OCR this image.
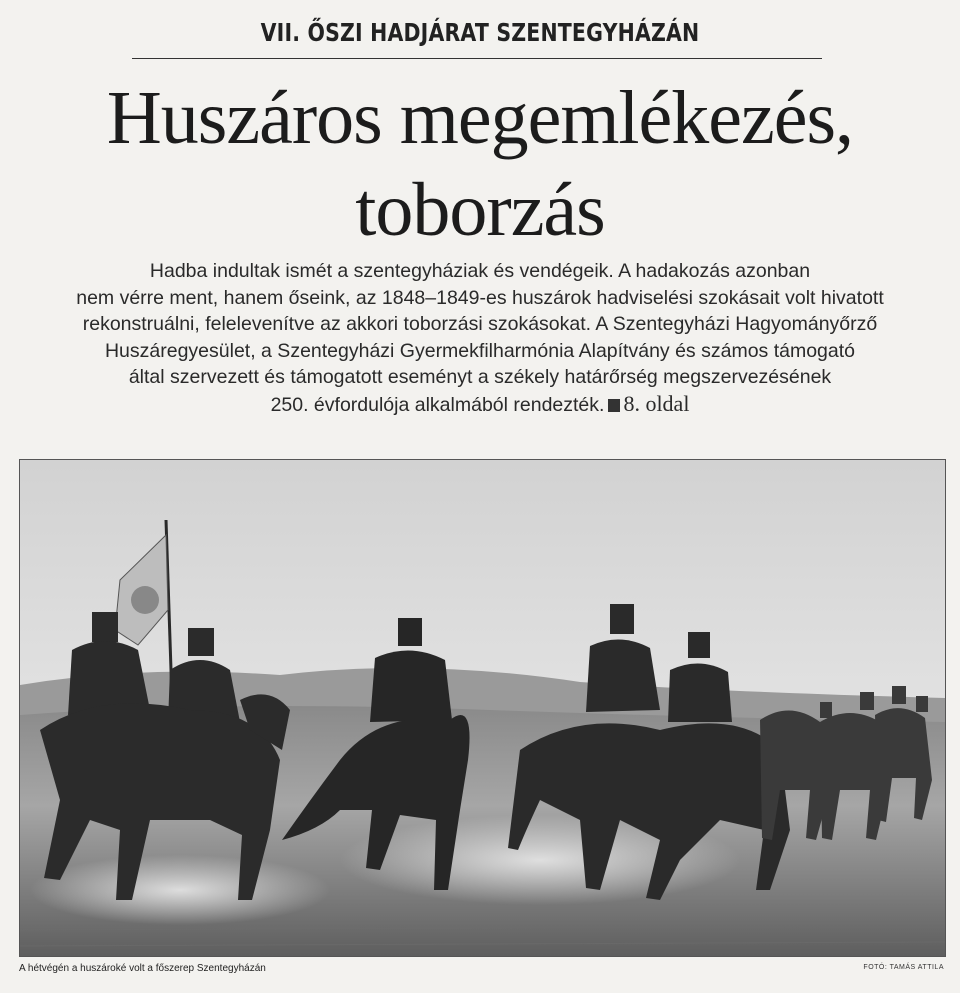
VII. ŐSZI HADJÁRAT SZENTEGYHÁZÁN
Huszáros megemlékezés,
toborzás
Hadba indultak ismét a szentegyháziak és vendégeik. A hadakozás azonban
nem vérre ment, hanem őseink, az 1848–1849-es huszárok hadviselési szokásait volt hivatott
rekonstruálni, felelevenítve az akkori toborzási szokásokat. A Szentegyházi Hagyományőrző
Huszáregyesület, a Szentegyházi Gyermekfilharmónia Alapítvány és számos támogató
által szervezett és támogatott eseményt a székely határőrség megszervezésének
250. évfordulója alkalmából rendezték. 8. oldal
A hétvégén a huszároké volt a főszerep Szentegyházán	FOTÓ: TAMÁS ATTILA
